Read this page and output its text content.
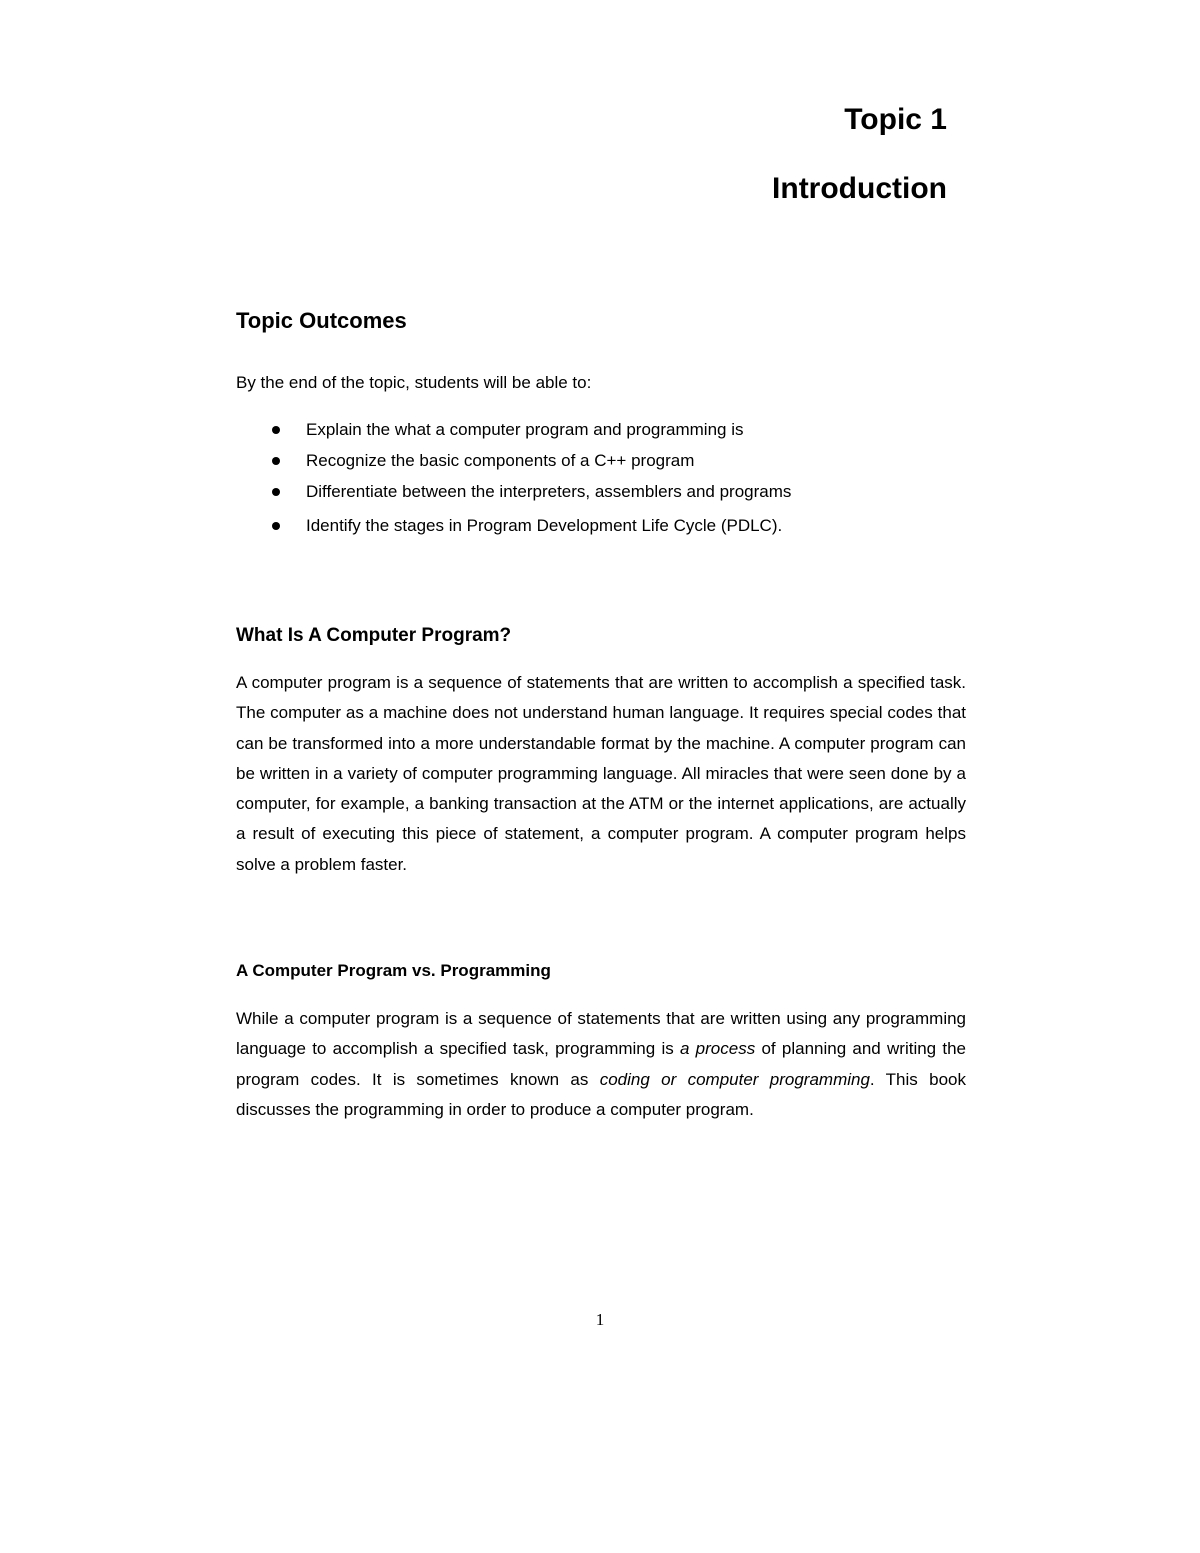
Topic 1
Introduction
Topic Outcomes

By the end of the topic, students will be able to:

Explain the what a computer program and programming is
Recognize the basic components of a C++ program
Differentiate between the interpreters, assemblers and programs
Identify the stages in Program Development Life Cycle (PDLC).
What Is A Computer Program?

A computer program is a sequence of statements that are written to accomplish a specified task. The computer as a machine does not understand human language. It requires special codes that can be transformed into a more understandable format by the machine. A computer program can be written in a variety of computer programming language. All miracles that were seen done by a computer, for example, a banking transaction at the ATM or the internet applications, are actually a result of executing this piece of statement, a computer program. A computer program helps solve a problem faster.

A Computer Program vs. Programming

While a computer program is a sequence of statements that are written using any programming language to accomplish a specified task, programming is a process of planning and writing the program codes. It is sometimes known as coding or computer programming. This book discusses the programming in order to produce a computer program.

1
